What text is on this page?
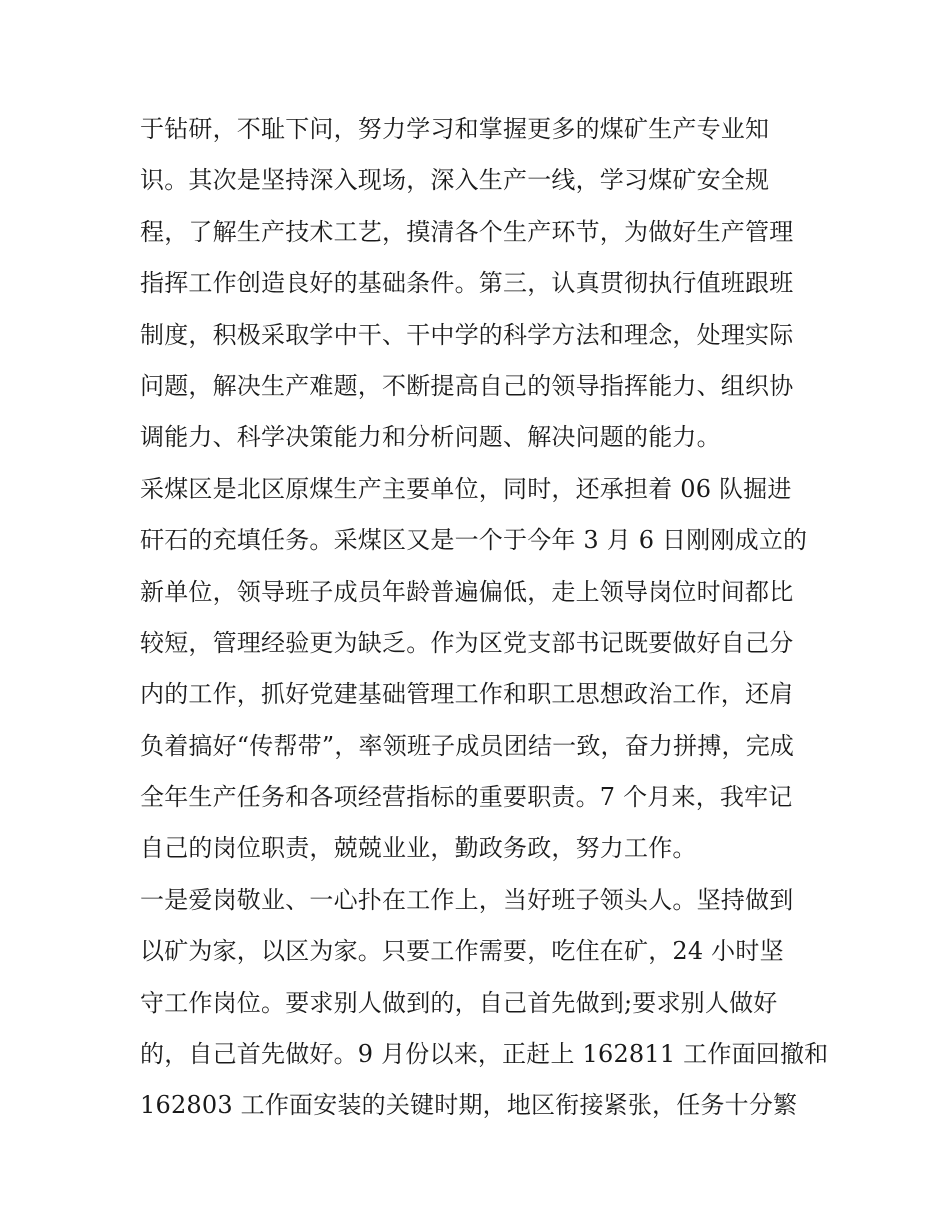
于钻研，不耻下问，努力学习和掌握更多的煤矿生产专业知
识。其次是坚持深入现场，深入生产一线，学习煤矿安全规
程，了解生产技术工艺，摸清各个生产环节，为做好生产管理
指挥工作创造良好的基础条件。第三，认真贯彻执行值班跟班
制度，积极采取学中干、干中学的科学方法和理念，处理实际
问题，解决生产难题，不断提高自己的领导指挥能力、组织协
调能力、科学决策能力和分析问题、解决问题的能力。
采煤区是北区原煤生产主要单位，同时，还承担着 06 队掘进
矸石的充填任务。采煤区又是一个于今年 3 月 6 日刚刚成立的
新单位，领导班子成员年龄普遍偏低，走上领导岗位时间都比
较短，管理经验更为缺乏。作为区党支部书记既要做好自己分
内的工作，抓好党建基础管理工作和职工思想政治工作，还肩
负着搞好“传帮带”，率领班子成员团结一致，奋力拼搏，完成
全年生产任务和各项经营指标的重要职责。7 个月来，我牢记
自己的岗位职责，兢兢业业，勤政务政，努力工作。
一是爱岗敬业、一心扑在工作上，当好班子领头人。坚持做到
以矿为家，以区为家。只要工作需要，吃住在矿，24 小时坚
守工作岗位。要求别人做到的，自己首先做到;要求别人做好
的，自己首先做好。9 月份以来，正赶上 162811 工作面回撤和
162803 工作面安装的关键时期，地区衔接紧张，任务十分繁
